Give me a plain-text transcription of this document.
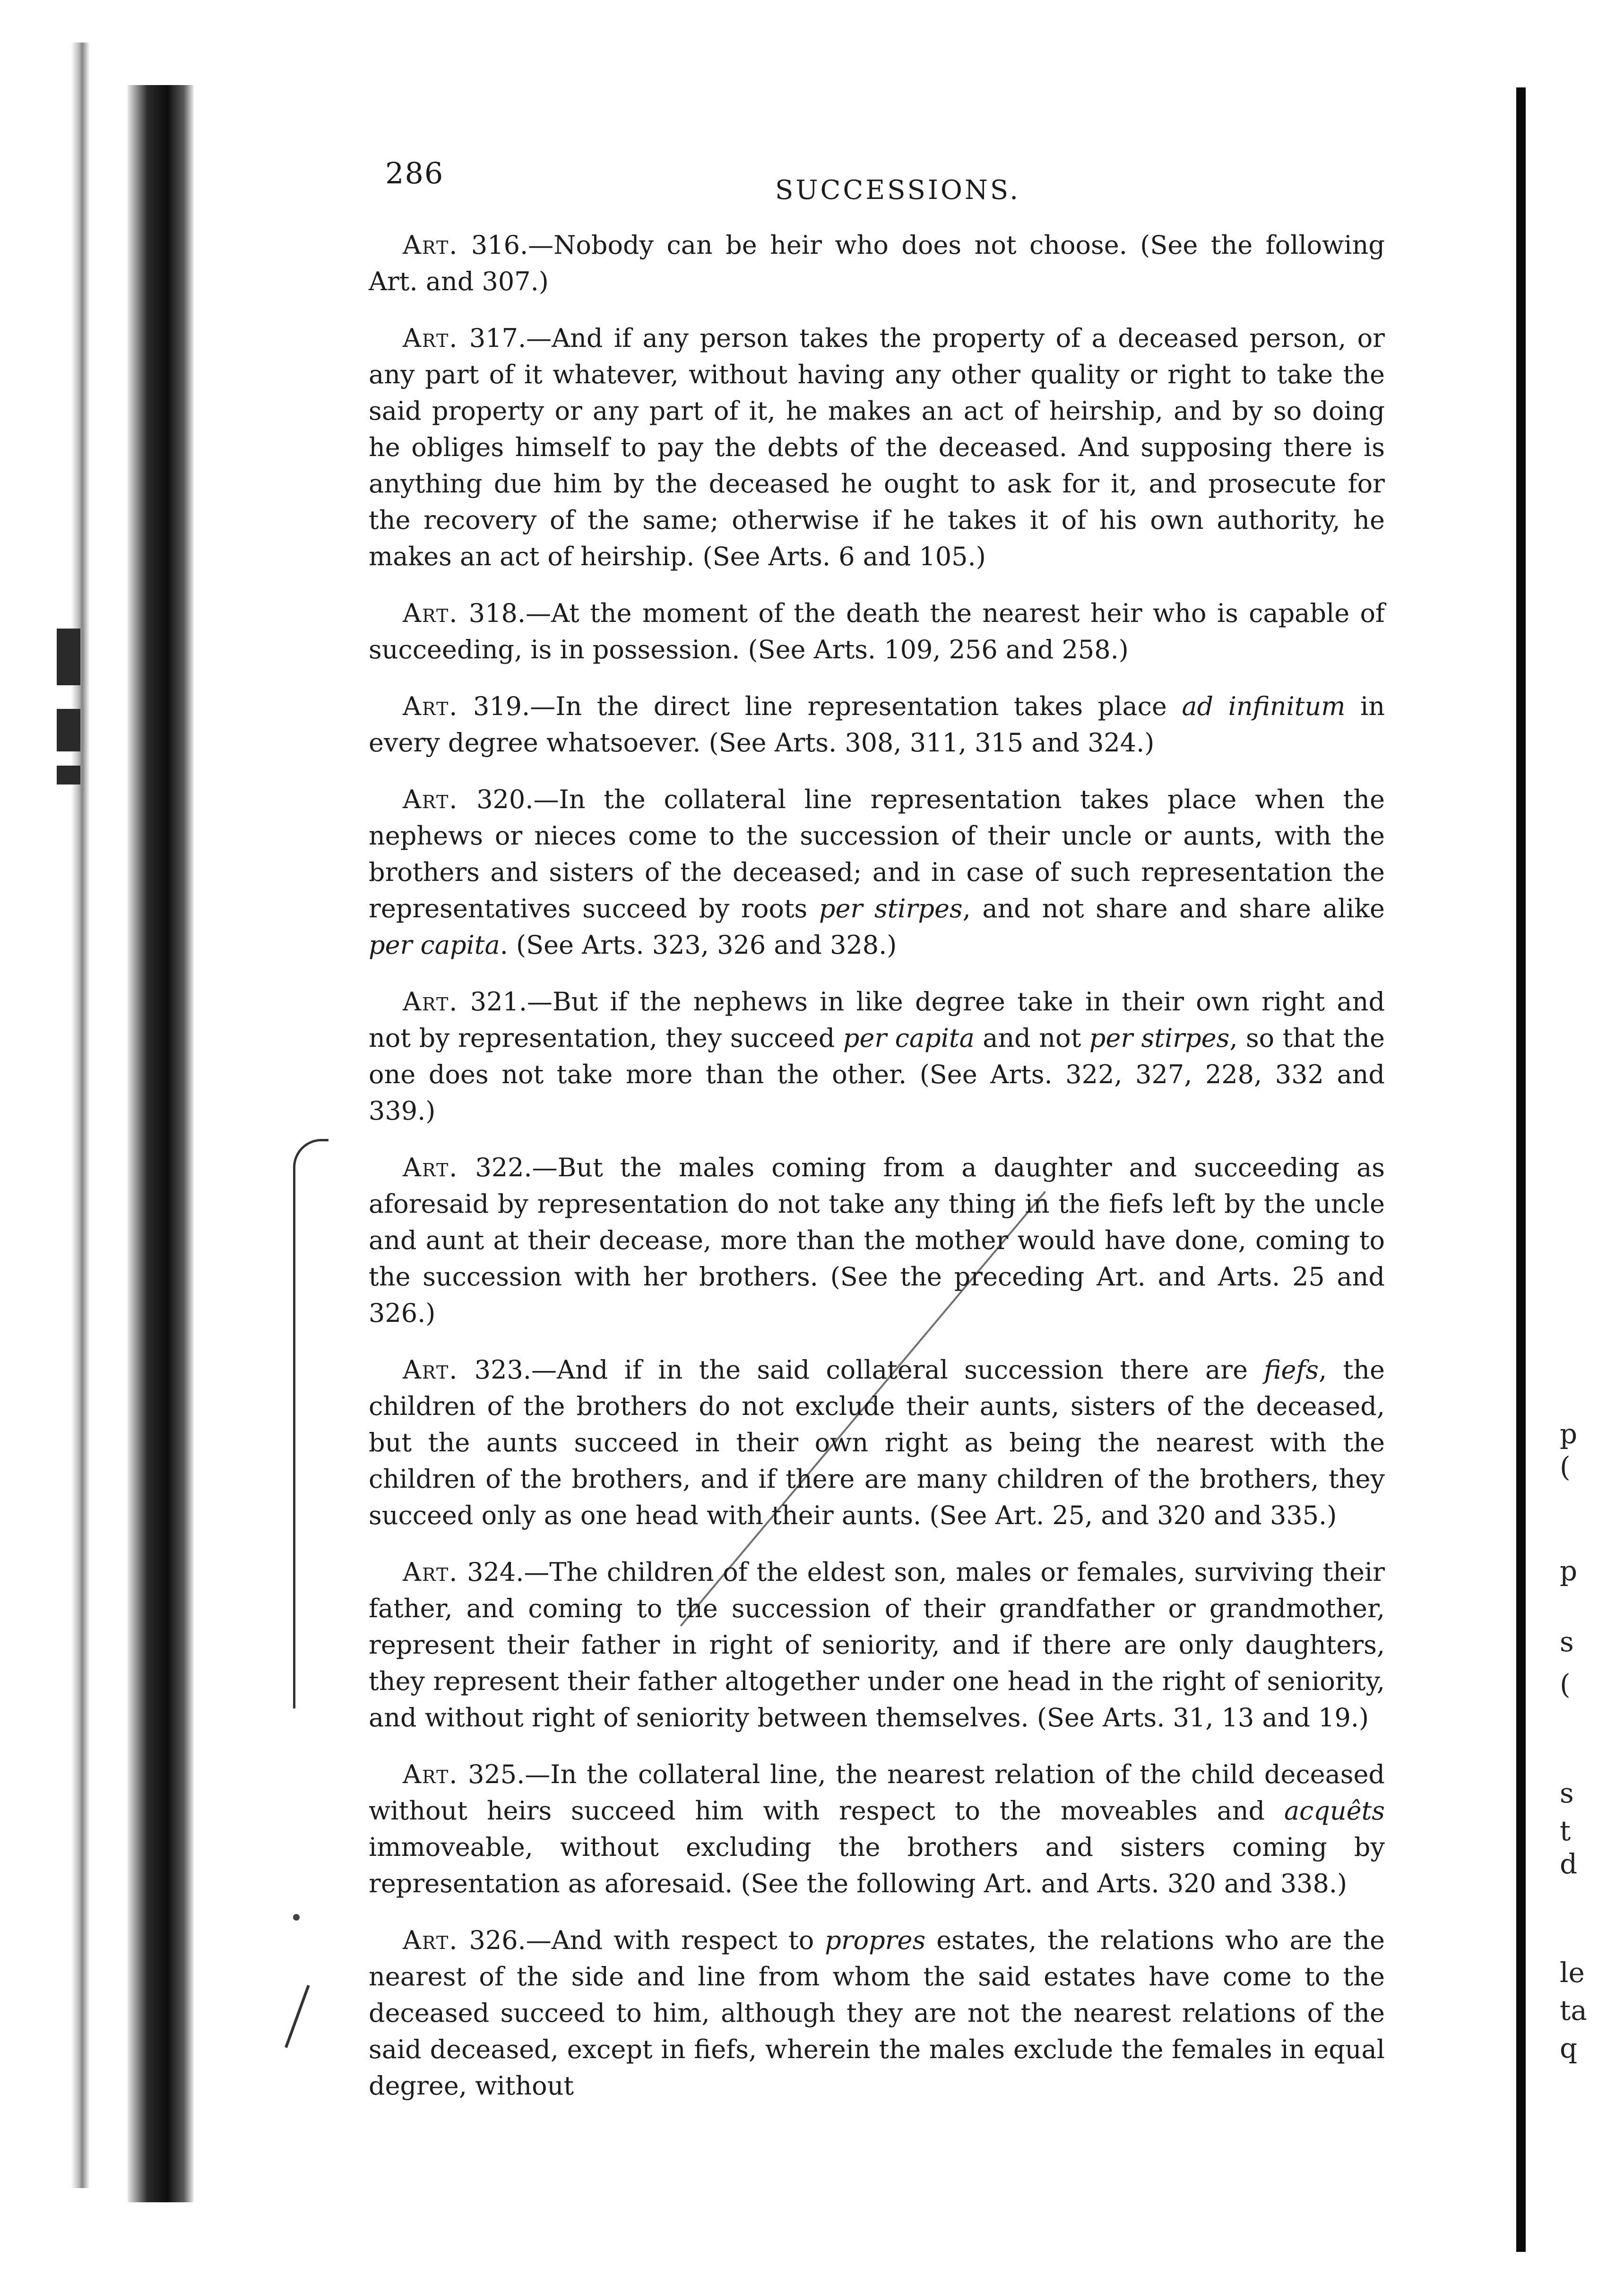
p
(
p
s
(
s
t
d
le
ta
q
286	SUCCESSIONS.

Art. 316.—Nobody can be heir who does not choose. (See the following Art. and 307.)

Art. 317.—And if any person takes the property of a deceased person, or any part of it whatever, without having any other quality or right to take the said property or any part of it, he makes an act of heirship, and by so doing he obliges himself to pay the debts of the deceased. And supposing there is anything due him by the deceased he ought to ask for it, and prosecute for the recovery of the same; otherwise if he takes it of his own authority, he makes an act of heirship. (See Arts. 6 and 105.)

Art. 318.—At the moment of the death the nearest heir who is capable of succeeding, is in possession. (See Arts. 109, 256 and 258.)

Art. 319.—In the direct line representation takes place ad infinitum in every degree whatsoever. (See Arts. 308, 311, 315 and 324.)

Art. 320.—In the collateral line representation takes place when the nephews or nieces come to the succession of their uncle or aunts, with the brothers and sisters of the deceased; and in case of such representation the representatives succeed by roots per stirpes, and not share and share alike per capita. (See Arts. 323, 326 and 328.)

Art. 321.—But if the nephews in like degree take in their own right and not by representation, they succeed per capita and not per stirpes, so that the one does not take more than the other. (See Arts. 322, 327, 228, 332 and 339.)

Art. 322.—But the males coming from a daughter and succeeding as aforesaid by representation do not take any thing in the fiefs left by the uncle and aunt at their decease, more than the mother would have done, coming to the succession with her brothers. (See the preceding Art. and Arts. 25 and 326.)

Art. 323.—And if in the said collateral succession there are fiefs, the children of the brothers do not exclude their aunts, sisters of the deceased, but the aunts succeed in their own right as being the nearest with the children of the brothers, and if there are many children of the brothers, they succeed only as one head with their aunts. (See Art. 25, and 320 and 335.)

Art. 324.—The children of the eldest son, males or females, surviving their father, and coming to the succession of their grandfather or grandmother, represent their father in right of seniority, and if there are only daughters, they represent their father altogether under one head in the right of seniority, and without right of seniority between themselves. (See Arts. 31, 13 and 19.)

Art. 325.—In the collateral line, the nearest relation of the child deceased without heirs succeed him with respect to the moveables and acquêts immoveable, without excluding the brothers and sisters coming by representation as aforesaid. (See the following Art. and Arts. 320 and 338.)

Art. 326.—And with respect to propres estates, the relations who are the nearest of the side and line from whom the said estates have come to the deceased succeed to him, although they are not the nearest relations of the said deceased, except in fiefs, wherein the males exclude the females in equal degree, without
